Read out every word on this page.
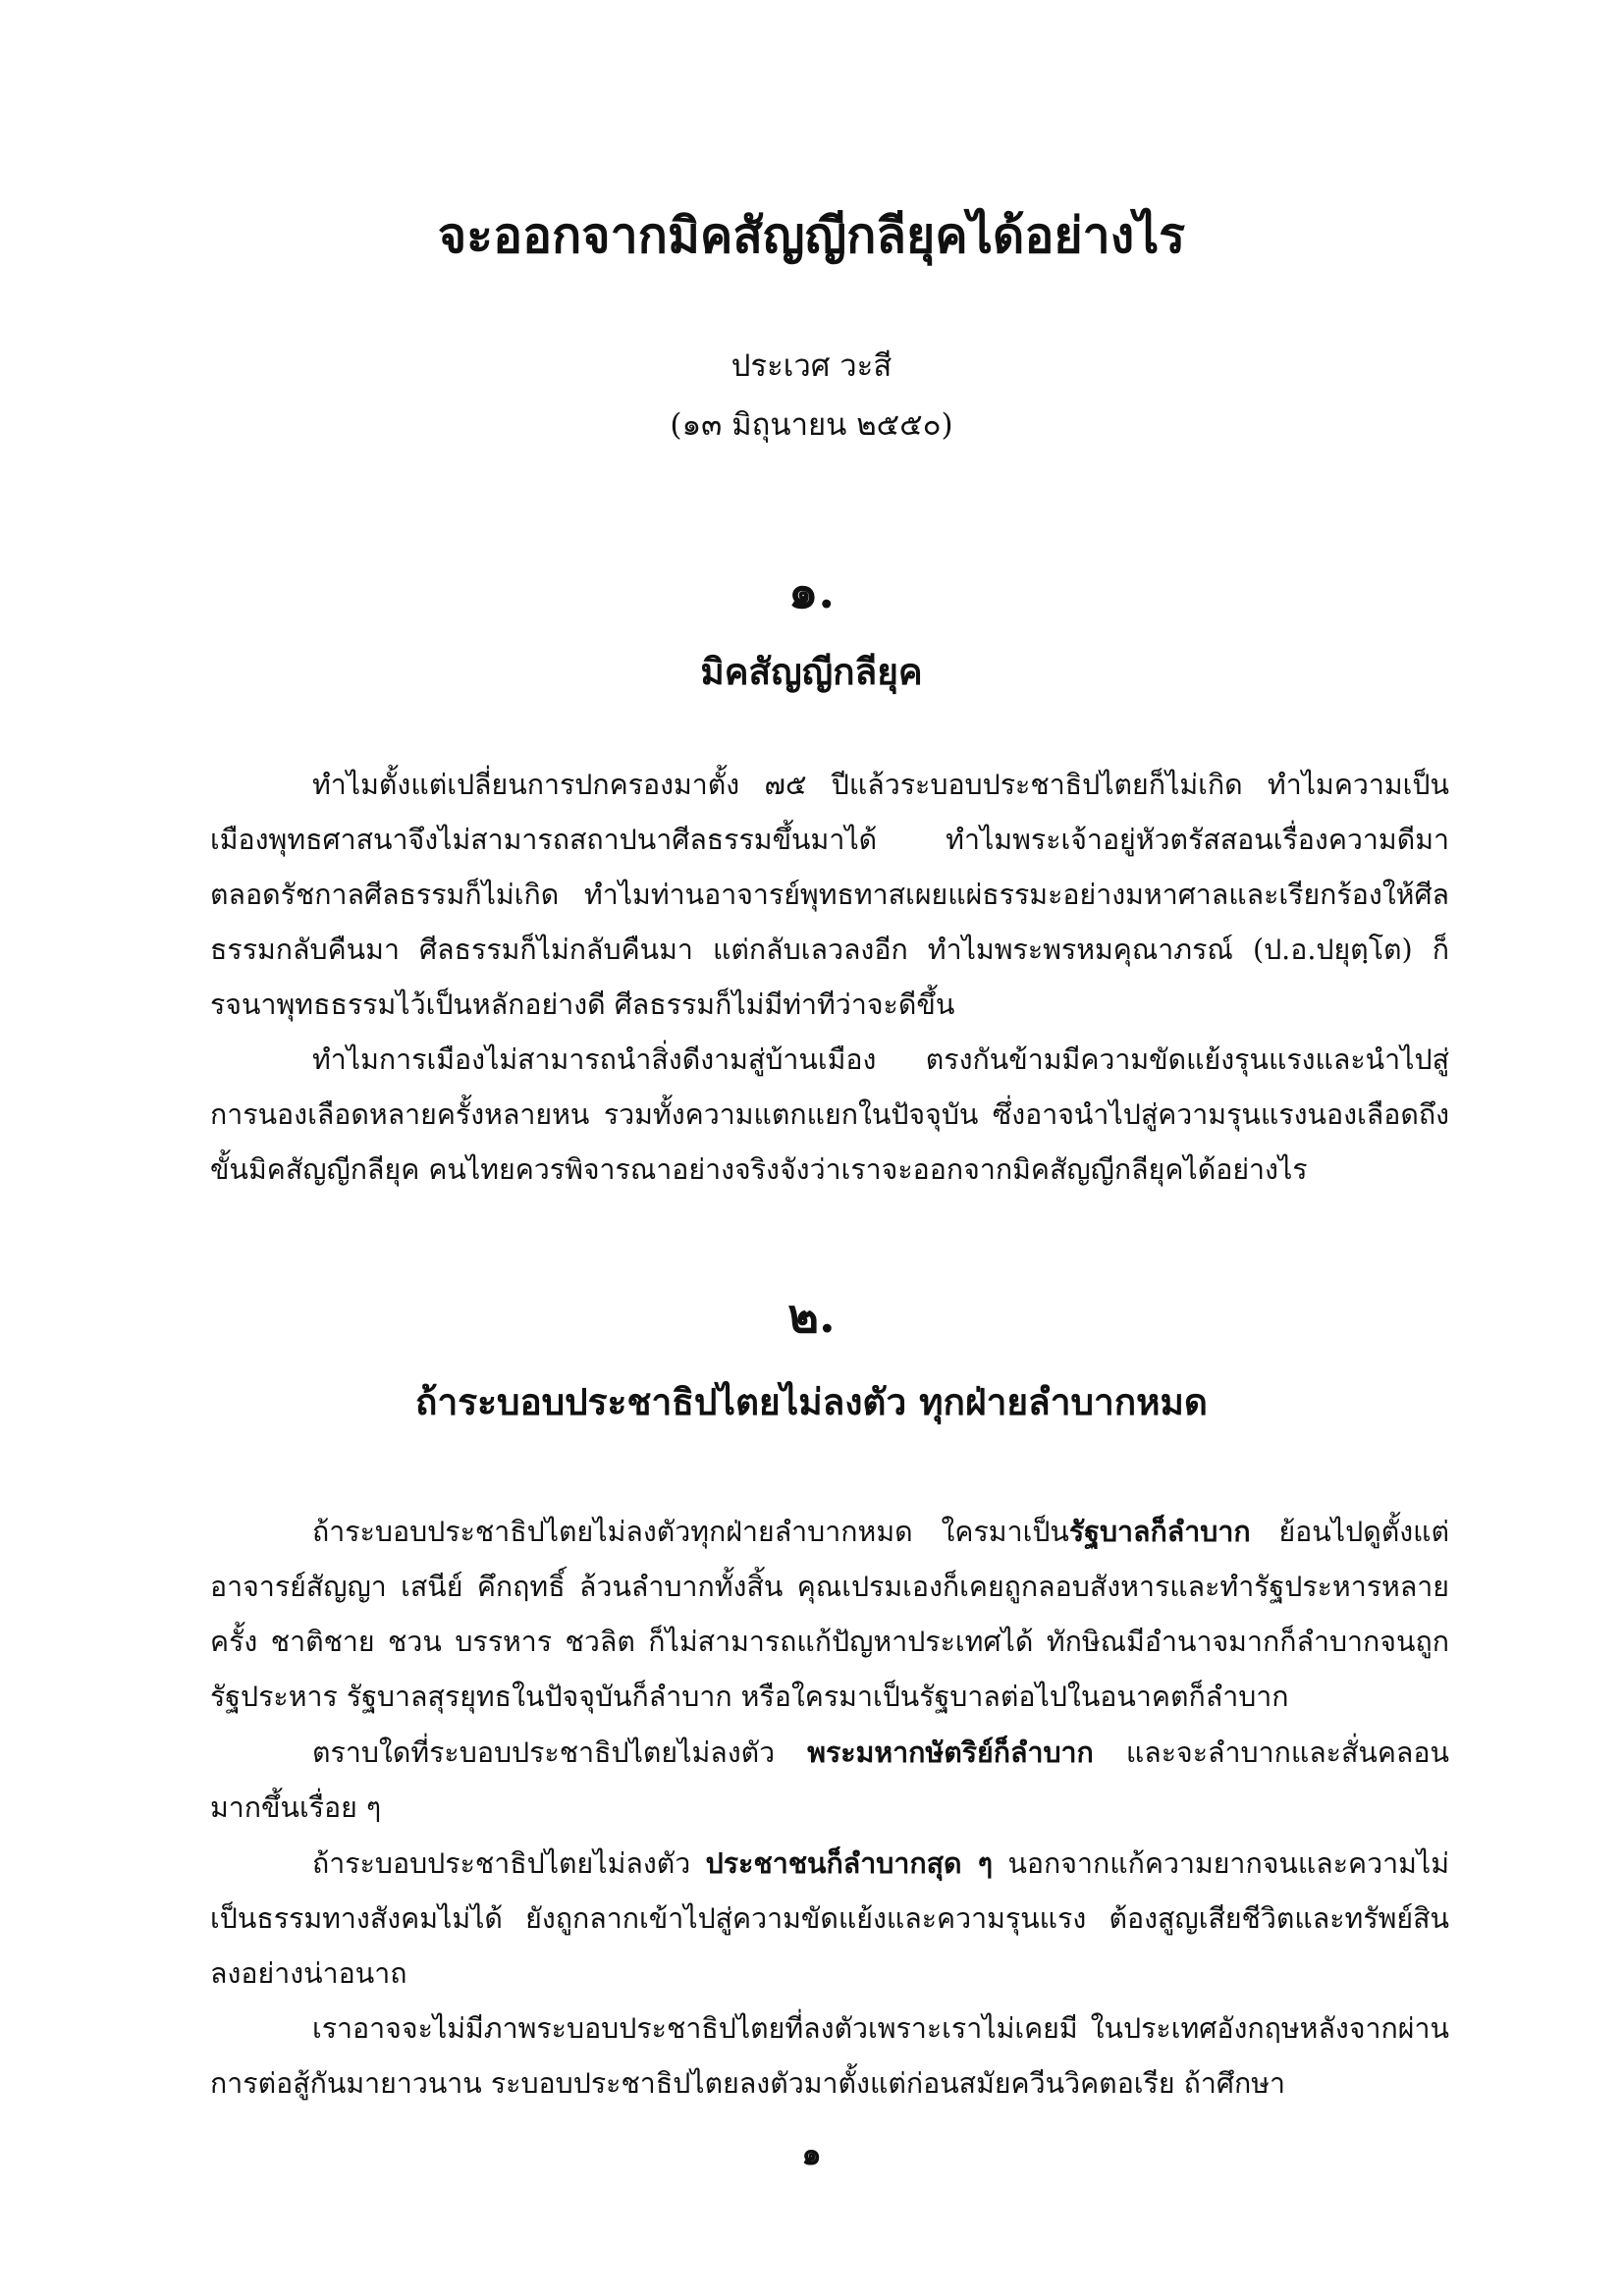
จะออกจากมิคสัญญีกลียุคได้อย่างไร
ประเวศ วะสี
(๑๓ มิถุนายน ๒๕๕๐)
๑.
มิคสัญญีกลียุค

ทำไมตั้งแต่เปลี่ยนการปกครองมาตั้ง ๗๕ ปีแล้วระบอบประชาธิปไตยก็ไม่เกิด ทำไมความเป็นเมืองพุทธศาสนาจึงไม่สามารถสถาปนาศีลธรรมขึ้นมาได้ ทำไมพระเจ้าอยู่หัวตรัสสอนเรื่องความดีมาตลอดรัชกาลศีลธรรมก็ไม่เกิด ทำไมท่านอาจารย์พุทธทาสเผยแผ่ธรรมะอย่างมหาศาลและเรียกร้องให้ศีลธรรมกลับคืนมา ศีลธรรมก็ไม่กลับคืนมา แต่กลับเลวลงอีก ทำไมพระพรหมคุณาภรณ์ (ป.อ.ปยุตฺโต) ก็รจนาพุทธธรรมไว้เป็นหลักอย่างดี ศีลธรรมก็ไม่มีท่าทีว่าจะดีขึ้น

ทำไมการเมืองไม่สามารถนำสิ่งดีงามสู่บ้านเมือง ตรงกันข้ามมีความขัดแย้งรุนแรงและนำไปสู่การนองเลือดหลายครั้งหลายหน รวมทั้งความแตกแยกในปัจจุบัน ซึ่งอาจนำไปสู่ความรุนแรงนองเลือดถึงขั้นมิคสัญญีกลียุค คนไทยควรพิจารณาอย่างจริงจังว่าเราจะออกจากมิคสัญญีกลียุคได้อย่างไร

๒.
ถ้าระบอบประชาธิปไตยไม่ลงตัว ทุกฝ่ายลำบากหมด

ถ้าระบอบประชาธิปไตยไม่ลงตัวทุกฝ่ายลำบากหมด ใครมาเป็นรัฐบาลก็ลำบาก ย้อนไปดูตั้งแต่อาจารย์สัญญา เสนีย์ คึกฤทธิ์ ล้วนลำบากทั้งสิ้น คุณเปรมเองก็เคยถูกลอบสังหารและทำรัฐประหารหลายครั้ง ชาติชาย ชวน บรรหาร ชวลิต ก็ไม่สามารถแก้ปัญหาประเทศได้ ทักษิณมีอำนาจมากก็ลำบากจนถูกรัฐประหาร รัฐบาลสุรยุทธในปัจจุบันก็ลำบาก หรือใครมาเป็นรัฐบาลต่อไปในอนาคตก็ลำบาก

ตราบใดที่ระบอบประชาธิปไตยไม่ลงตัว พระมหากษัตริย์ก็ลำบาก และจะลำบากและสั่นคลอนมากขึ้นเรื่อย ๆ

ถ้าระบอบประชาธิปไตยไม่ลงตัว ประชาชนก็ลำบากสุด ๆ นอกจากแก้ความยากจนและความไม่เป็นธรรมทางสังคมไม่ได้ ยังถูกลากเข้าไปสู่ความขัดแย้งและความรุนแรง ต้องสูญเสียชีวิตและทรัพย์สินลงอย่างน่าอนาถ

เราอาจจะไม่มีภาพระบอบประชาธิปไตยที่ลงตัวเพราะเราไม่เคยมี ในประเทศอังกฤษหลังจากผ่านการต่อสู้กันมายาวนาน ระบอบประชาธิปไตยลงตัวมาตั้งแต่ก่อนสมัยควีนวิคตอเรีย ถ้าศึกษา

๑
